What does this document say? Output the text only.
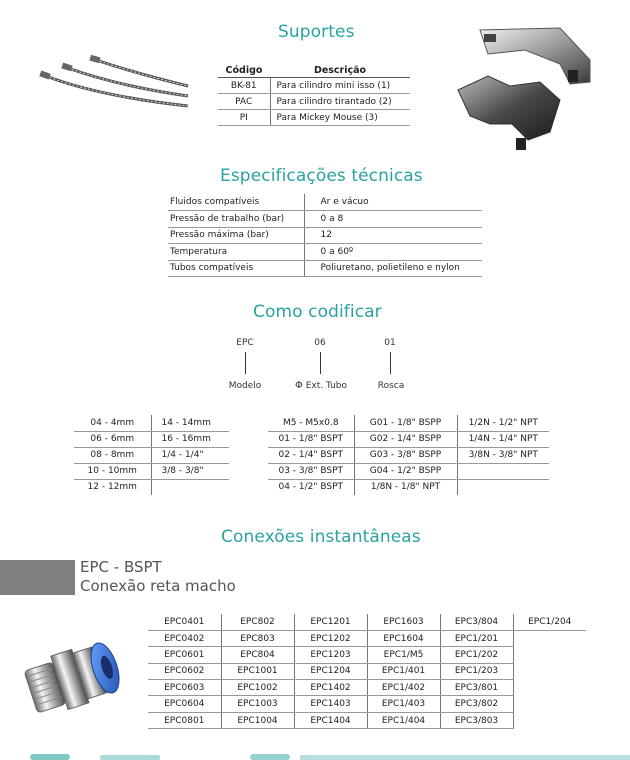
Suportes
Especificações técnicas
Como codificar
Conexões instantâneas
Código	Descrição
BK-81	Para cilindro mini isso (1)
PAC	Para cilindro tirantado (2)
PI	Para Mickey Mouse (3)
Fluidos compatíveis	Ar e vácuo
Pressão de trabalho (bar)	0 a 8
Pressão máxima (bar)	12
Temperatura	0 a 60º
Tubos compatíveis	Poliuretano, polietileno e nylon
EPC	06	01
Modelo	Φ Ext. Tubo	Rosca
04 - 4mm	14 - 14mm
06 - 6mm	16 - 16mm
08 - 8mm	1/4 - 1/4"
10 - 10mm	3/8 - 3/8"
12 - 12mm	
M5 - M5x0.8	G01 - 1/8" BSPP	1/2N - 1/2" NPT
01 - 1/8" BSPT	G02 - 1/4" BSPP	1/4N - 1/4" NPT
02 - 1/4" BSPT	G03 - 3/8" BSPP	3/8N - 3/8" NPT
03 - 3/8" BSPT	G04 - 1/2" BSPP	
04 - 1/2" BSPT	1/8N - 1/8" NPT	
EPC - BSPT
Conexão reta macho
EPC0401	EPC802	EPC1201	EPC1603	EPC3/804	EPC1/204
EPC0402	EPC803	EPC1202	EPC1604	EPC1/201	
EPC0601	EPC804	EPC1203	EPC1/M5	EPC1/202	
EPC0602	EPC1001	EPC1204	EPC1/401	EPC1/203	
EPC0603	EPC1002	EPC1402	EPC1/402	EPC3/801	
EPC0604	EPC1003	EPC1403	EPC1/403	EPC3/802	
EPC0801	EPC1004	EPC1404	EPC1/404	EPC3/803	
